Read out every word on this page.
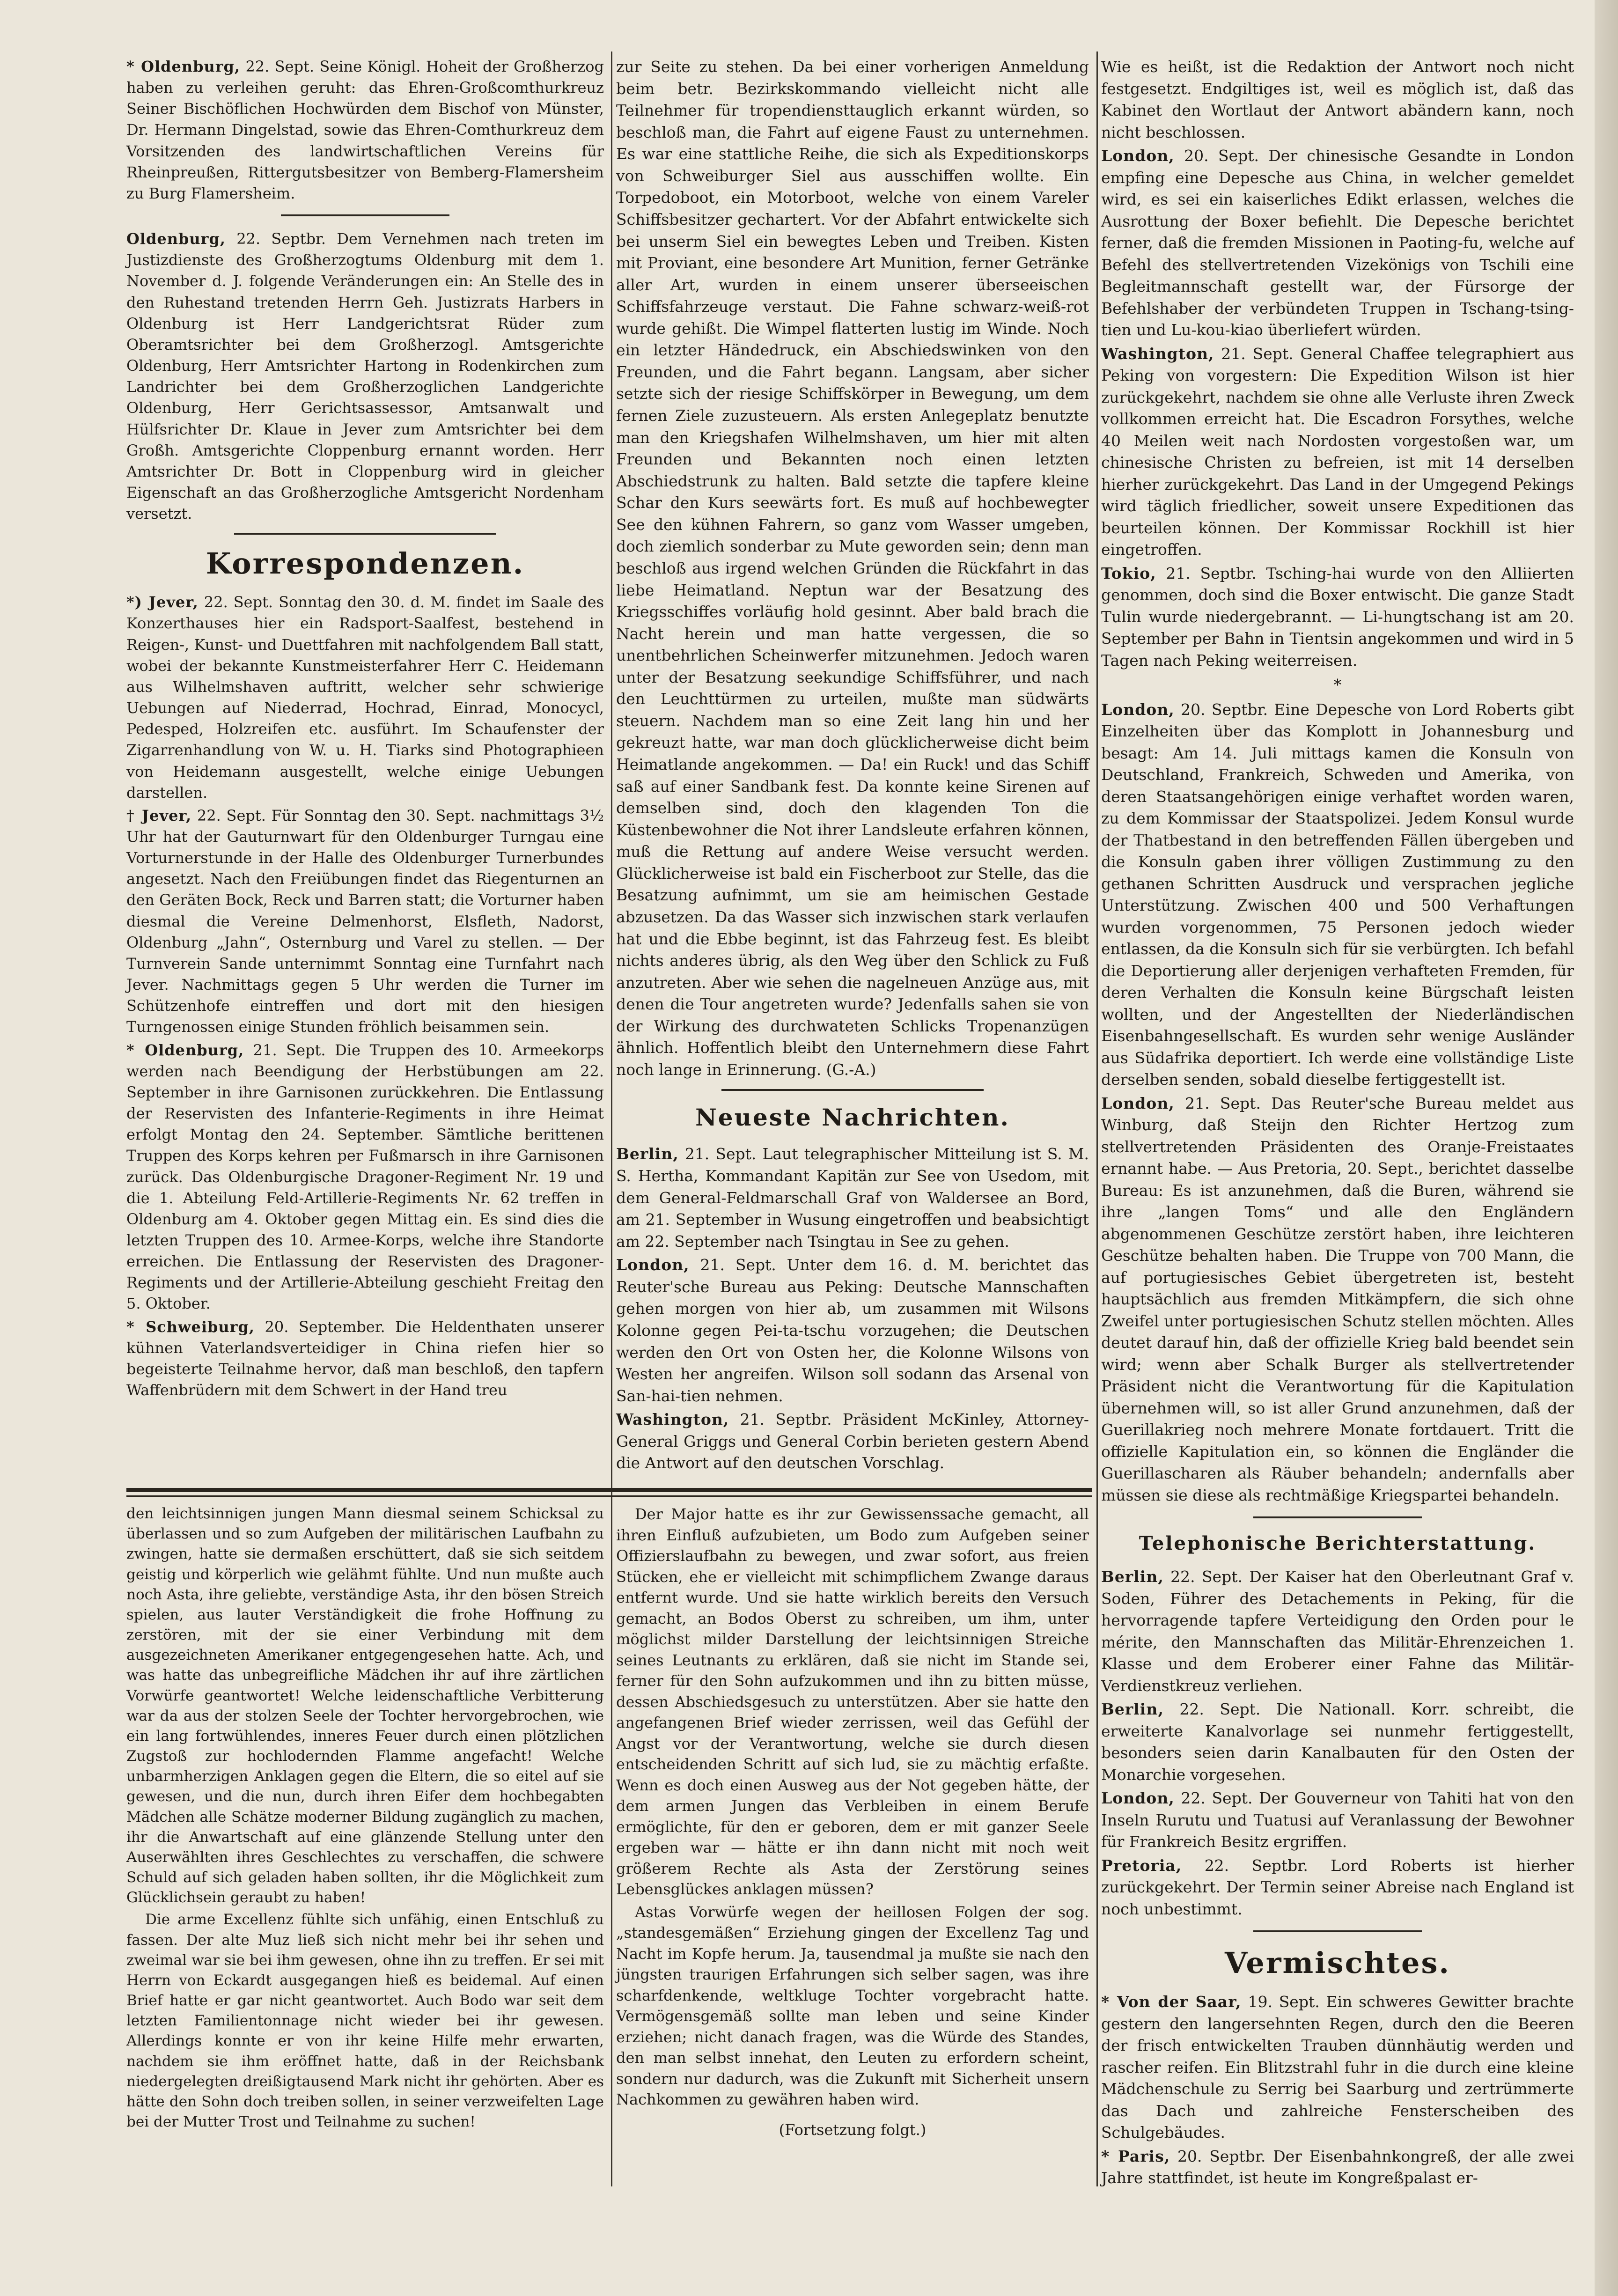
* Oldenburg, 22. Sept. Seine Königl. Hoheit der Großherzog haben zu verleihen geruht: das Ehren-Großcomthurkreuz Seiner Bischöflichen Hochwürden dem Bischof von Münster, Dr. Hermann Dingelstad, sowie das Ehren-Comthurkreuz dem Vorsitzenden des landwirtschaftlichen Vereins für Rheinpreußen, Rittergutsbesitzer von Bemberg-Flamersheim zu Burg Flamersheim.

Oldenburg, 22. Septbr. Dem Vernehmen nach treten im Justizdienste des Großherzogtums Oldenburg mit dem 1. November d. J. folgende Veränderungen ein: An Stelle des in den Ruhestand tretenden Herrn Geh. Justizrats Harbers in Oldenburg ist Herr Landgerichtsrat Rüder zum Oberamtsrichter bei dem Großherzogl. Amtsgerichte Oldenburg, Herr Amtsrichter Hartong in Rodenkirchen zum Landrichter bei dem Großherzoglichen Landgerichte Oldenburg, Herr Gerichtsassessor, Amtsanwalt und Hülfsrichter Dr. Klaue in Jever zum Amtsrichter bei dem Großh. Amtsgerichte Cloppenburg ernannt worden. Herr Amtsrichter Dr. Bott in Cloppenburg wird in gleicher Eigenschaft an das Großherzogliche Amtsgericht Nordenham versetzt.

Korrespondenzen.

*) Jever, 22. Sept. Sonntag den 30. d. M. findet im Saale des Konzerthauses hier ein Radsport-Saalfest, bestehend in Reigen-, Kunst- und Duettfahren mit nachfolgendem Ball statt, wobei der bekannte Kunstmeisterfahrer Herr C. Heidemann aus Wilhelmshaven auftritt, welcher sehr schwierige Uebungen auf Niederrad, Hochrad, Einrad, Monocycl, Pedesped, Holzreifen etc. ausführt. Im Schaufenster der Zigarrenhandlung von W. u. H. Tiarks sind Photographieen von Heidemann ausgestellt, welche einige Uebungen darstellen.

† Jever, 22. Sept. Für Sonntag den 30. Sept. nachmittags 3½ Uhr hat der Gauturnwart für den Oldenburger Turngau eine Vorturnerstunde in der Halle des Oldenburger Turnerbundes angesetzt. Nach den Freiübungen findet das Riegenturnen an den Geräten Bock, Reck und Barren statt; die Vorturner haben diesmal die Vereine Delmenhorst, Elsfleth, Nadorst, Oldenburg „Jahn“, Osternburg und Varel zu stellen. — Der Turnverein Sande unternimmt Sonntag eine Turnfahrt nach Jever. Nachmittags gegen 5 Uhr werden die Turner im Schützenhofe eintreffen und dort mit den hiesigen Turngenossen einige Stunden fröhlich beisammen sein.

* Oldenburg, 21. Sept. Die Truppen des 10. Armeekorps werden nach Beendigung der Herbstübungen am 22. September in ihre Garnisonen zurückkehren. Die Entlassung der Reservisten des Infanterie-Regiments in ihre Heimat erfolgt Montag den 24. September. Sämtliche berittenen Truppen des Korps kehren per Fußmarsch in ihre Garnisonen zurück. Das Oldenburgische Dragoner-Regiment Nr. 19 und die 1. Abteilung Feld-Artillerie-Regiments Nr. 62 treffen in Oldenburg am 4. Oktober gegen Mittag ein. Es sind dies die letzten Truppen des 10. Armee-Korps, welche ihre Standorte erreichen. Die Entlassung der Reservisten des Dragoner-Regiments und der Artillerie-Abteilung geschieht Freitag den 5. Oktober.

* Schweiburg, 20. September. Die Heldenthaten unserer kühnen Vaterlandsverteidiger in China riefen hier so begeisterte Teilnahme hervor, daß man beschloß, den tapfern Waffenbrüdern mit dem Schwert in der Hand treu

zur Seite zu stehen. Da bei einer vorherigen Anmeldung beim betr. Bezirkskommando vielleicht nicht alle Teilnehmer für tropendiensttauglich erkannt würden, so beschloß man, die Fahrt auf eigene Faust zu unternehmen. Es war eine stattliche Reihe, die sich als Expeditionskorps von Schweiburger Siel aus ausschiffen wollte. Ein Torpedoboot, ein Motorboot, welche von einem Vareler Schiffsbesitzer gechartert. Vor der Abfahrt entwickelte sich bei unserm Siel ein bewegtes Leben und Treiben. Kisten mit Proviant, eine besondere Art Munition, ferner Getränke aller Art, wurden in einem unserer überseeischen Schiffsfahrzeuge verstaut. Die Fahne schwarz-weiß-rot wurde gehißt. Die Wimpel flatterten lustig im Winde. Noch ein letzter Händedruck, ein Abschiedswinken von den Freunden, und die Fahrt begann. Langsam, aber sicher setzte sich der riesige Schiffskörper in Bewegung, um dem fernen Ziele zuzusteuern. Als ersten Anlegeplatz benutzte man den Kriegshafen Wilhelmshaven, um hier mit alten Freunden und Bekannten noch einen letzten Abschiedstrunk zu halten. Bald setzte die tapfere kleine Schar den Kurs seewärts fort. Es muß auf hochbewegter See den kühnen Fahrern, so ganz vom Wasser umgeben, doch ziemlich sonderbar zu Mute geworden sein; denn man beschloß aus irgend welchen Gründen die Rückfahrt in das liebe Heimatland. Neptun war der Besatzung des Kriegsschiffes vorläufig hold gesinnt. Aber bald brach die Nacht herein und man hatte vergessen, die so unentbehrlichen Scheinwerfer mitzunehmen. Jedoch waren unter der Besatzung seekundige Schiffsführer, und nach den Leuchttürmen zu urteilen, mußte man südwärts steuern. Nachdem man so eine Zeit lang hin und her gekreuzt hatte, war man doch glücklicherweise dicht beim Heimatlande angekommen. — Da! ein Ruck! und das Schiff saß auf einer Sandbank fest. Da konnte keine Sirenen auf demselben sind, doch den klagenden Ton die Küstenbewohner die Not ihrer Landsleute erfahren können, muß die Rettung auf andere Weise versucht werden. Glücklicherweise ist bald ein Fischerboot zur Stelle, das die Besatzung aufnimmt, um sie am heimischen Gestade abzusetzen. Da das Wasser sich inzwischen stark verlaufen hat und die Ebbe beginnt, ist das Fahrzeug fest. Es bleibt nichts anderes übrig, als den Weg über den Schlick zu Fuß anzutreten. Aber wie sehen die nagelneuen Anzüge aus, mit denen die Tour angetreten wurde? Jedenfalls sahen sie von der Wirkung des durchwateten Schlicks Tropenanzügen ähnlich. Hoffentlich bleibt den Unternehmern diese Fahrt noch lange in Erinnerung. (G.-A.)

Neueste Nachrichten.

Berlin, 21. Sept. Laut telegraphischer Mitteilung ist S. M. S. Hertha, Kommandant Kapitän zur See von Usedom, mit dem General-Feldmarschall Graf von Waldersee an Bord, am 21. September in Wusung eingetroffen und beabsichtigt am 22. September nach Tsingtau in See zu gehen.

London, 21. Sept. Unter dem 16. d. M. berichtet das Reuter'sche Bureau aus Peking: Deutsche Mannschaften gehen morgen von hier ab, um zusammen mit Wilsons Kolonne gegen Pei-ta-tschu vorzugehen; die Deutschen werden den Ort von Osten her, die Kolonne Wilsons von Westen her angreifen. Wilson soll sodann das Arsenal von San-hai-tien nehmen.

Washington, 21. Septbr. Präsident McKinley, Attorney-General Griggs und General Corbin berieten gestern Abend die Antwort auf den deutschen Vorschlag.

Wie es heißt, ist die Redaktion der Antwort noch nicht festgesetzt. Endgiltiges ist, weil es möglich ist, daß das Kabinet den Wortlaut der Antwort abändern kann, noch nicht beschlossen.

London, 20. Sept. Der chinesische Gesandte in London empfing eine Depesche aus China, in welcher gemeldet wird, es sei ein kaiserliches Edikt erlassen, welches die Ausrottung der Boxer befiehlt. Die Depesche berichtet ferner, daß die fremden Missionen in Paoting-fu, welche auf Befehl des stellvertretenden Vizekönigs von Tschili eine Begleitmannschaft gestellt war, der Fürsorge der Befehlshaber der verbündeten Truppen in Tschang-tsing-tien und Lu-kou-kiao überliefert würden.

Washington, 21. Sept. General Chaffee telegraphiert aus Peking von vorgestern: Die Expedition Wilson ist hier zurückgekehrt, nachdem sie ohne alle Verluste ihren Zweck vollkommen erreicht hat. Die Escadron Forsythes, welche 40 Meilen weit nach Nordosten vorgestoßen war, um chinesische Christen zu befreien, ist mit 14 derselben hierher zurückgekehrt. Das Land in der Umgegend Pekings wird täglich friedlicher, soweit unsere Expeditionen das beurteilen können. Der Kommissar Rockhill ist hier eingetroffen.

Tokio, 21. Septbr. Tsching-hai wurde von den Alliierten genommen, doch sind die Boxer entwischt. Die ganze Stadt Tulin wurde niedergebrannt. — Li-hungtschang ist am 20. September per Bahn in Tientsin angekommen und wird in 5 Tagen nach Peking weiterreisen.

*

London, 20. Septbr. Eine Depesche von Lord Roberts gibt Einzelheiten über das Komplott in Johannesburg und besagt: Am 14. Juli mittags kamen die Konsuln von Deutschland, Frankreich, Schweden und Amerika, von deren Staatsangehörigen einige verhaftet worden waren, zu dem Kommissar der Staatspolizei. Jedem Konsul wurde der Thatbestand in den betreffenden Fällen übergeben und die Konsuln gaben ihrer völligen Zustimmung zu den gethanen Schritten Ausdruck und versprachen jegliche Unterstützung. Zwischen 400 und 500 Verhaftungen wurden vorgenommen, 75 Personen jedoch wieder entlassen, da die Konsuln sich für sie verbürgten. Ich befahl die Deportierung aller derjenigen verhafteten Fremden, für deren Verhalten die Konsuln keine Bürgschaft leisten wollten, und der Angestellten der Niederländischen Eisenbahngesellschaft. Es wurden sehr wenige Ausländer aus Südafrika deportiert. Ich werde eine vollständige Liste derselben senden, sobald dieselbe fertiggestellt ist.

London, 21. Sept. Das Reuter'sche Bureau meldet aus Winburg, daß Steijn den Richter Hertzog zum stellvertretenden Präsidenten des Oranje-Freistaates ernannt habe. — Aus Pretoria, 20. Sept., berichtet dasselbe Bureau: Es ist anzunehmen, daß die Buren, während sie ihre „langen Toms“ und alle den Engländern abgenommenen Geschütze zerstört haben, ihre leichteren Geschütze behalten haben. Die Truppe von 700 Mann, die auf portugiesisches Gebiet übergetreten ist, besteht hauptsächlich aus fremden Mitkämpfern, die sich ohne Zweifel unter portugiesischen Schutz stellen möchten. Alles deutet darauf hin, daß der offizielle Krieg bald beendet sein wird; wenn aber Schalk Burger als stellvertretender Präsident nicht die Verantwortung für die Kapitulation übernehmen will, so ist aller Grund anzunehmen, daß der Guerillakrieg noch mehrere Monate fortdauert. Tritt die offizielle Kapitulation ein, so können die Engländer die Guerillascharen als Räuber behandeln; andernfalls aber müssen sie diese als rechtmäßige Kriegspartei behandeln.

Telephonische Berichterstattung.

Berlin, 22. Sept. Der Kaiser hat den Oberleutnant Graf v. Soden, Führer des Detachements in Peking, für die hervorragende tapfere Verteidigung den Orden pour le mérite, den Mannschaften das Militär-Ehrenzeichen 1. Klasse und dem Eroberer einer Fahne das Militär-Verdienstkreuz verliehen.

Berlin, 22. Sept. Die Nationall. Korr. schreibt, die erweiterte Kanalvorlage sei nunmehr fertiggestellt, besonders seien darin Kanalbauten für den Osten der Monarchie vorgesehen.

London, 22. Sept. Der Gouverneur von Tahiti hat von den Inseln Rurutu und Tuatusi auf Veranlassung der Bewohner für Frankreich Besitz ergriffen.

Pretoria, 22. Septbr. Lord Roberts ist hierher zurückgekehrt. Der Termin seiner Abreise nach England ist noch unbestimmt.

Vermischtes.

* Von der Saar, 19. Sept. Ein schweres Gewitter brachte gestern den langersehnten Regen, durch den die Beeren der frisch entwickelten Trauben dünnhäutig werden und rascher reifen. Ein Blitzstrahl fuhr in die durch eine kleine Mädchenschule zu Serrig bei Saarburg und zertrümmerte das Dach und zahlreiche Fensterscheiben des Schulgebäudes.

* Paris, 20. Septbr. Der Eisenbahnkongreß, der alle zwei Jahre stattfindet, ist heute im Kongreßpalast er-

den leichtsinnigen jungen Mann diesmal seinem Schicksal zu überlassen und so zum Aufgeben der militärischen Laufbahn zu zwingen, hatte sie dermaßen erschüttert, daß sie sich seitdem geistig und körperlich wie gelähmt fühlte. Und nun mußte auch noch Asta, ihre geliebte, verständige Asta, ihr den bösen Streich spielen, aus lauter Verständigkeit die frohe Hoffnung zu zerstören, mit der sie einer Verbindung mit dem ausgezeichneten Amerikaner entgegengesehen hatte. Ach, und was hatte das unbegreifliche Mädchen ihr auf ihre zärtlichen Vorwürfe geantwortet! Welche leidenschaftliche Verbitterung war da aus der stolzen Seele der Tochter hervorgebrochen, wie ein lang fortwühlendes, inneres Feuer durch einen plötzlichen Zugstoß zur hochlodernden Flamme angefacht! Welche unbarmherzigen Anklagen gegen die Eltern, die so eitel auf sie gewesen, und die nun, durch ihren Eifer dem hochbegabten Mädchen alle Schätze moderner Bildung zugänglich zu machen, ihr die Anwartschaft auf eine glänzende Stellung unter den Auserwählten ihres Geschlechtes zu verschaffen, die schwere Schuld auf sich geladen haben sollten, ihr die Möglichkeit zum Glücklichsein geraubt zu haben!

Die arme Excellenz fühlte sich unfähig, einen Entschluß zu fassen. Der alte Muz ließ sich nicht mehr bei ihr sehen und zweimal war sie bei ihm gewesen, ohne ihn zu treffen. Er sei mit Herrn von Eckardt ausgegangen hieß es beidemal. Auf einen Brief hatte er gar nicht geantwortet. Auch Bodo war seit dem letzten Familientonnage nicht wieder bei ihr gewesen. Allerdings konnte er von ihr keine Hilfe mehr erwarten, nachdem sie ihm eröffnet hatte, daß in der Reichsbank niedergelegten dreißigtausend Mark nicht ihr gehörten. Aber es hätte den Sohn doch treiben sollen, in seiner verzweifelten Lage bei der Mutter Trost und Teilnahme zu suchen!

Der Major hatte es ihr zur Gewissenssache gemacht, all ihren Einfluß aufzubieten, um Bodo zum Aufgeben seiner Offizierslaufbahn zu bewegen, und zwar sofort, aus freien Stücken, ehe er vielleicht mit schimpflichem Zwange daraus entfernt wurde. Und sie hatte wirklich bereits den Versuch gemacht, an Bodos Oberst zu schreiben, um ihm, unter möglichst milder Darstellung der leichtsinnigen Streiche seines Leutnants zu erklären, daß sie nicht im Stande sei, ferner für den Sohn aufzukommen und ihn zu bitten müsse, dessen Abschiedsgesuch zu unterstützen. Aber sie hatte den angefangenen Brief wieder zerrissen, weil das Gefühl der Angst vor der Verantwortung, welche sie durch diesen entscheidenden Schritt auf sich lud, sie zu mächtig erfaßte. Wenn es doch einen Ausweg aus der Not gegeben hätte, der dem armen Jungen das Verbleiben in einem Berufe ermöglichte, für den er geboren, dem er mit ganzer Seele ergeben war — hätte er ihn dann nicht mit noch weit größerem Rechte als Asta der Zerstörung seines Lebensglückes anklagen müssen?

Astas Vorwürfe wegen der heillosen Folgen der sog. „standesgemäßen“ Erziehung gingen der Excellenz Tag und Nacht im Kopfe herum. Ja, tausendmal ja mußte sie nach den jüngsten traurigen Erfahrungen sich selber sagen, was ihre scharfdenkende, weltkluge Tochter vorgebracht hatte. Vermögensgemäß sollte man leben und seine Kinder erziehen; nicht danach fragen, was die Würde des Standes, den man selbst innehat, den Leuten zu erfordern scheint, sondern nur dadurch, was die Zukunft mit Sicherheit unsern Nachkommen zu gewähren haben wird.

(Fortsetzung folgt.)
